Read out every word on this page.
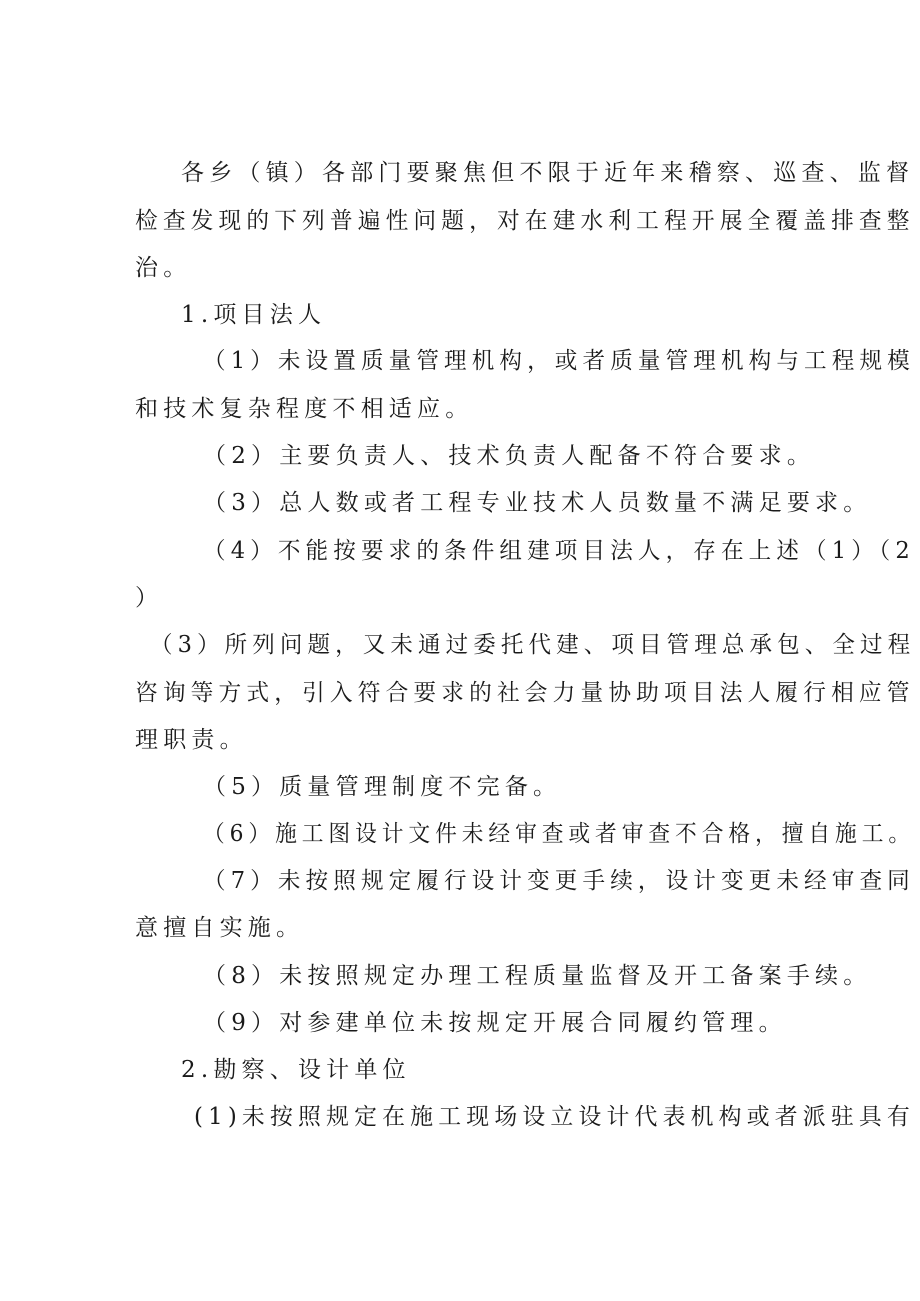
各乡（镇）各部门要聚焦但不限于近年来稽察、巡查、监督
检查发现的下列普遍性问题，对在建水利工程开展全覆盖排查整
治。
1.项目法人
（1）未设置质量管理机构，或者质量管理机构与工程规模
和技术复杂程度不相适应。
（2）主要负责人、技术负责人配备不符合要求。
（3）总人数或者工程专业技术人员数量不满足要求。
（4）不能按要求的条件组建项目法人，存在上述（1）（2
）
（3）所列问题，又未通过委托代建、项目管理总承包、全过程
咨询等方式，引入符合要求的社会力量协助项目法人履行相应管
理职责。
（5）质量管理制度不完备。
（6）施工图设计文件未经审查或者审查不合格，擅自施工。
（7）未按照规定履行设计变更手续，设计变更未经审查同
意擅自实施。
（8）未按照规定办理工程质量监督及开工备案手续。
（9）对参建单位未按规定开展合同履约管理。
2.勘察、设计单位
(1)未按照规定在施工现场设立设计代表机构或者派驻具有
